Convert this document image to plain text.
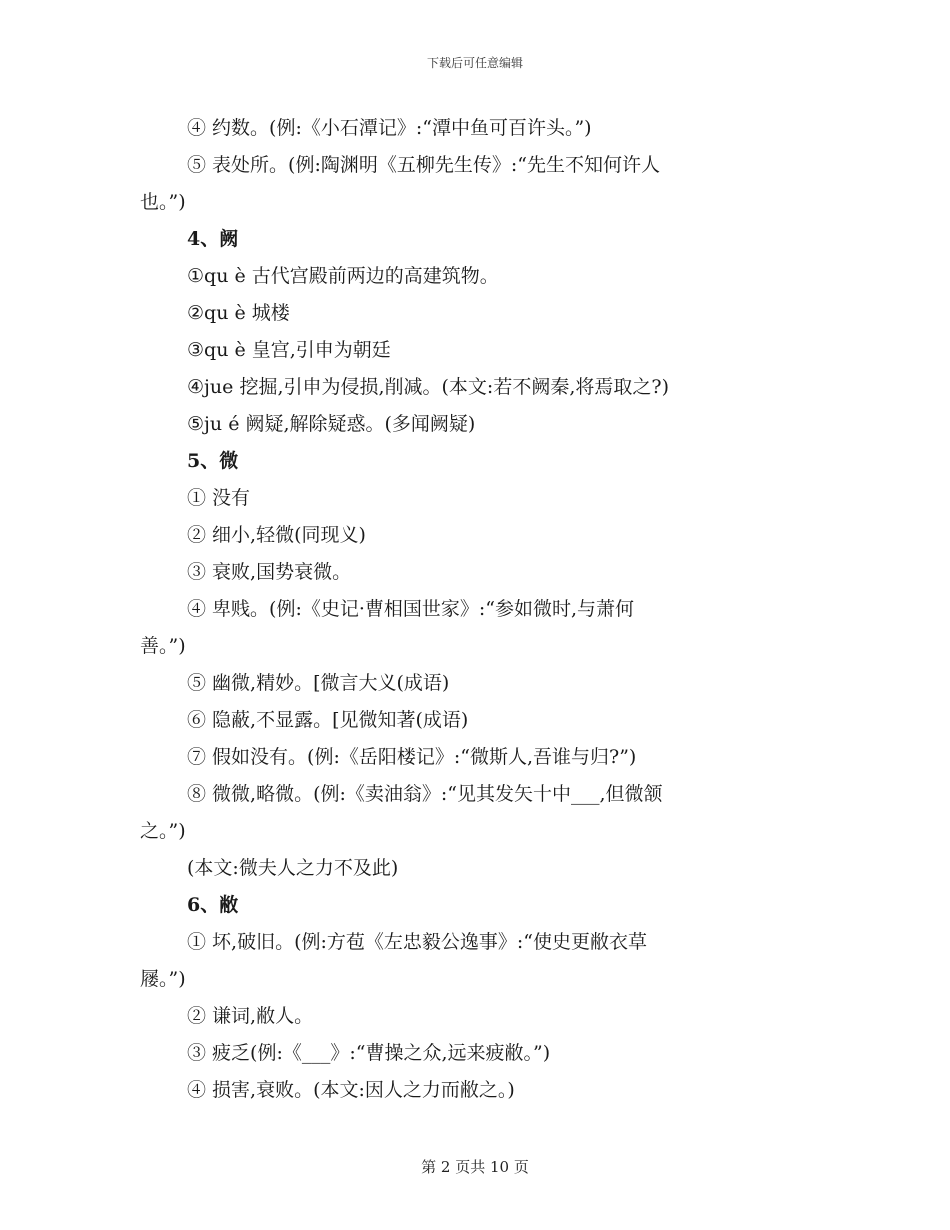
下载后可任意编辑
④ 约数。(例:《小石潭记》:“潭中鱼可百许头。”)
⑤ 表处所。(例:陶渊明《五柳先生传》:“先生不知何许人
也。”)
4、阙
①qu è 古代宫殿前两边的高建筑物。
②qu è 城楼
③qu è 皇宫,引申为朝廷
④jue 挖掘,引申为侵损,削减。(本文:若不阙秦,将焉取之?)
⑤ju é 阙疑,解除疑惑。(多闻阙疑)
5、微
① 没有
② 细小,轻微(同现义)
③ 衰败,国势衰微。
④ 卑贱。(例:《史记·曹相国世家》:“参如微时,与萧何
善。”)
⑤ 幽微,精妙。[微言大义(成语)
⑥ 隐蔽,不显露。[见微知著(成语)
⑦ 假如没有。(例:《岳阳楼记》:“微斯人,吾谁与归?”)
⑧ 微微,略微。(例:《卖油翁》:“见其发矢十中___,但微颔
之。”)
(本文:微夫人之力不及此)
6、敝
① 坏,破旧。(例:方苞《左忠毅公逸事》:“使史更敝衣草
屦。”)
② 谦词,敝人。
③ 疲乏(例:《___》:“曹操之众,远来疲敝。”)
④ 损害,衰败。(本文:因人之力而敝之。)
第 2 页共 10 页
